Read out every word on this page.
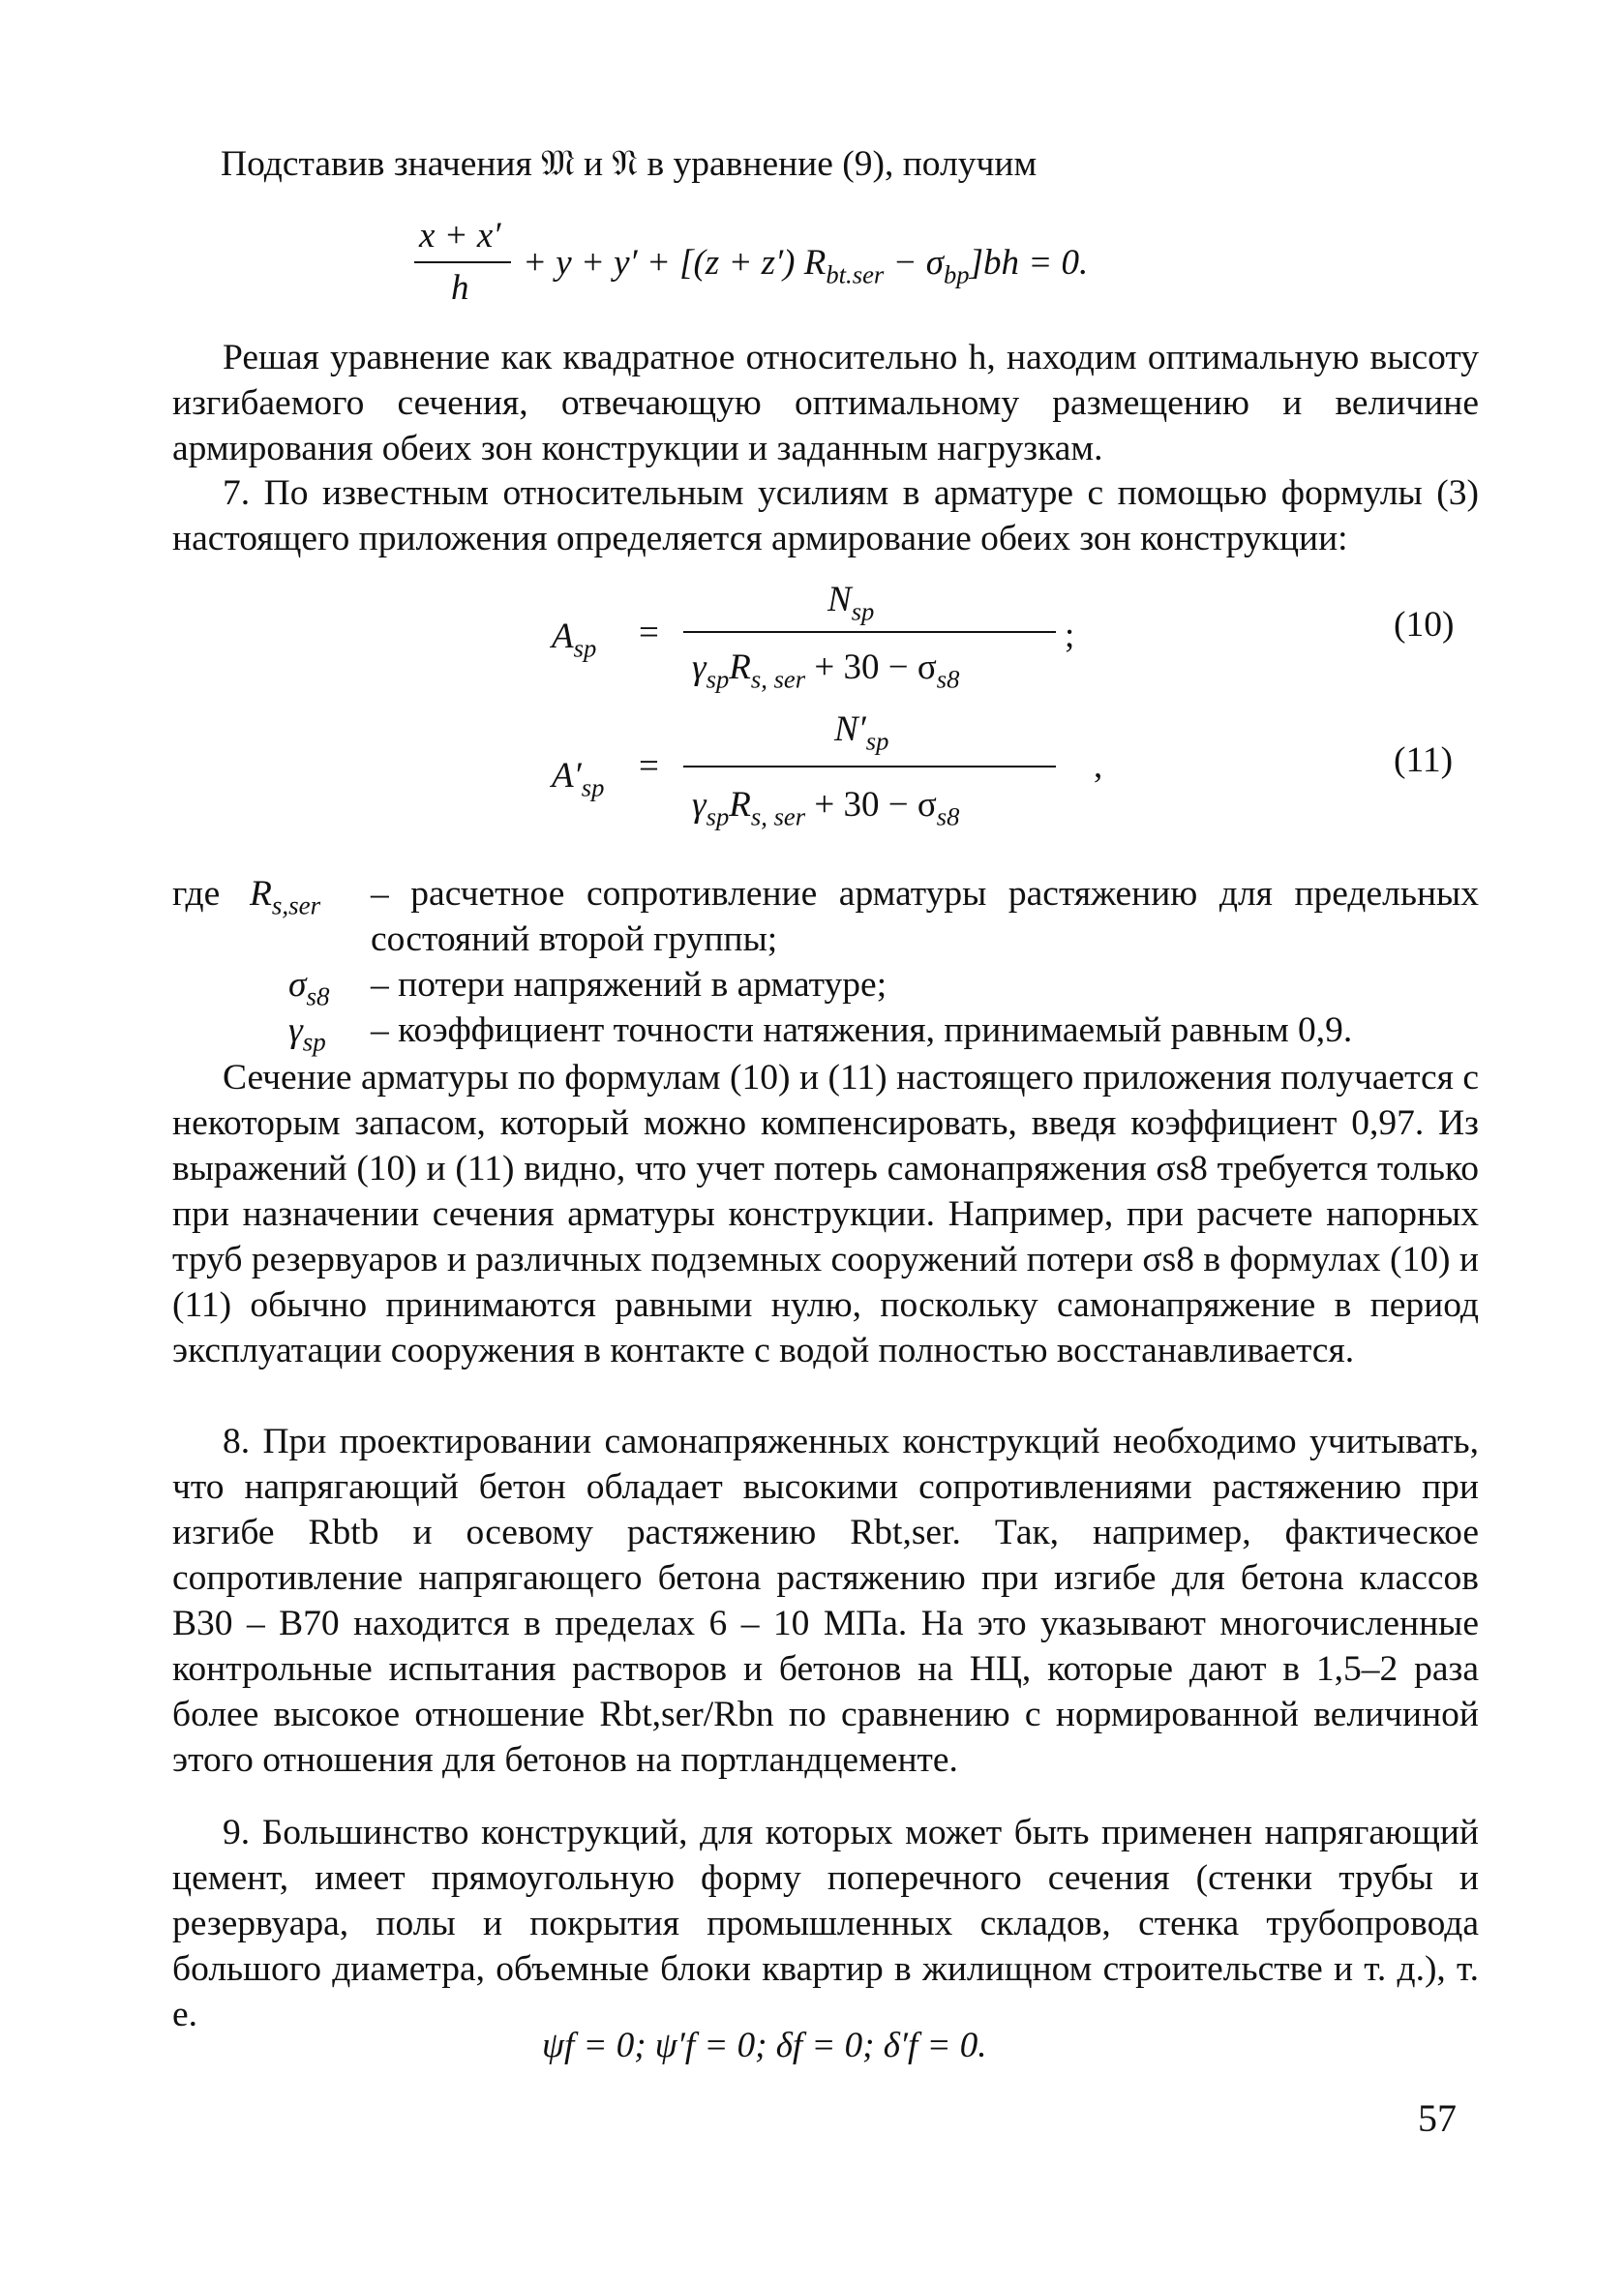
Подставив значения 𝔐 и 𝔑 в уравнение (9), получим
x + x′
h
+ y + y′ + [(z + z′) $R_{bt.ser} - \sigma_{bp}]bh = 0$.

Решая уравнение как квадратное относительно h, находим оптимальную высоту изгибаемого сечения, отвечающую оптимальному размещению и величине армирования обеих зон конструкции и заданным нагрузкам.

7. По известным относительным усилиям в арматуре с помощью формулы (3) настоящего приложения определяется армирование обеих зон конструкции:

$A_{sp}$ =
$N_{sp}$
$\gamma_{sp}R_{s, ser} + 30 - \sigma_{s8}$
;	(10)
$A'_{sp}$
=
$N'_{sp}$
$\gamma_{sp}R_{s, ser} + 30 - \sigma_{s8}$
,	(11)
где $R_{s,ser}$ – расчетное сопротивление арматуры растяжению для предельных состояний второй группы;
$\sigma_{s8}$ – потери напряжений в арматуре;
$\gamma_{sp}$ – коэффициент точности натяжения, принимаемый равным 0,9.

Сечение арматуры по формулам (10) и (11) настоящего приложения получается с некоторым запасом, который можно компенсировать, введя коэффициент 0,97. Из выражений (10) и (11) видно, что учет потерь самонапряжения σs8 требуется только при назначении сечения арматуры конструкции. Например, при расчете напорных труб резервуаров и различных подземных сооружений потери σs8 в формулах (10) и (11) обычно принимаются равными нулю, поскольку самонапряжение в период эксплуатации сооружения в контакте с водой полностью восстанавливается.

8. При проектировании самонапряженных конструкций необходимо учитывать, что напрягающий бетон обладает высокими сопротивлениями растяжению при изгибе Rbtb и осевому растяжению Rbt,ser. Так, например, фактическое сопротивление напрягающего бетона растяжению при изгибе для бетона классов В30 – В70 находится в пределах 6 – 10 МПа. На это указывают многочисленные контрольные испытания растворов и бетонов на НЦ, которые дают в 1,5–2 раза более высокое отношение Rbt,ser/Rbn по сравнению с нормированной величиной этого отношения для бетонов на портландцементе.

9. Большинство конструкций, для которых может быть применен напрягающий цемент, имеет прямоугольную форму поперечного сечения (стенки трубы и резервуара, полы и покрытия промышленных складов, стенка трубопровода большого диаметра, объемные блоки квартир в жилищном строительстве и т. д.), т. е.

ψf = 0; ψ′f = 0; δf = 0; δ′f = 0.
57
